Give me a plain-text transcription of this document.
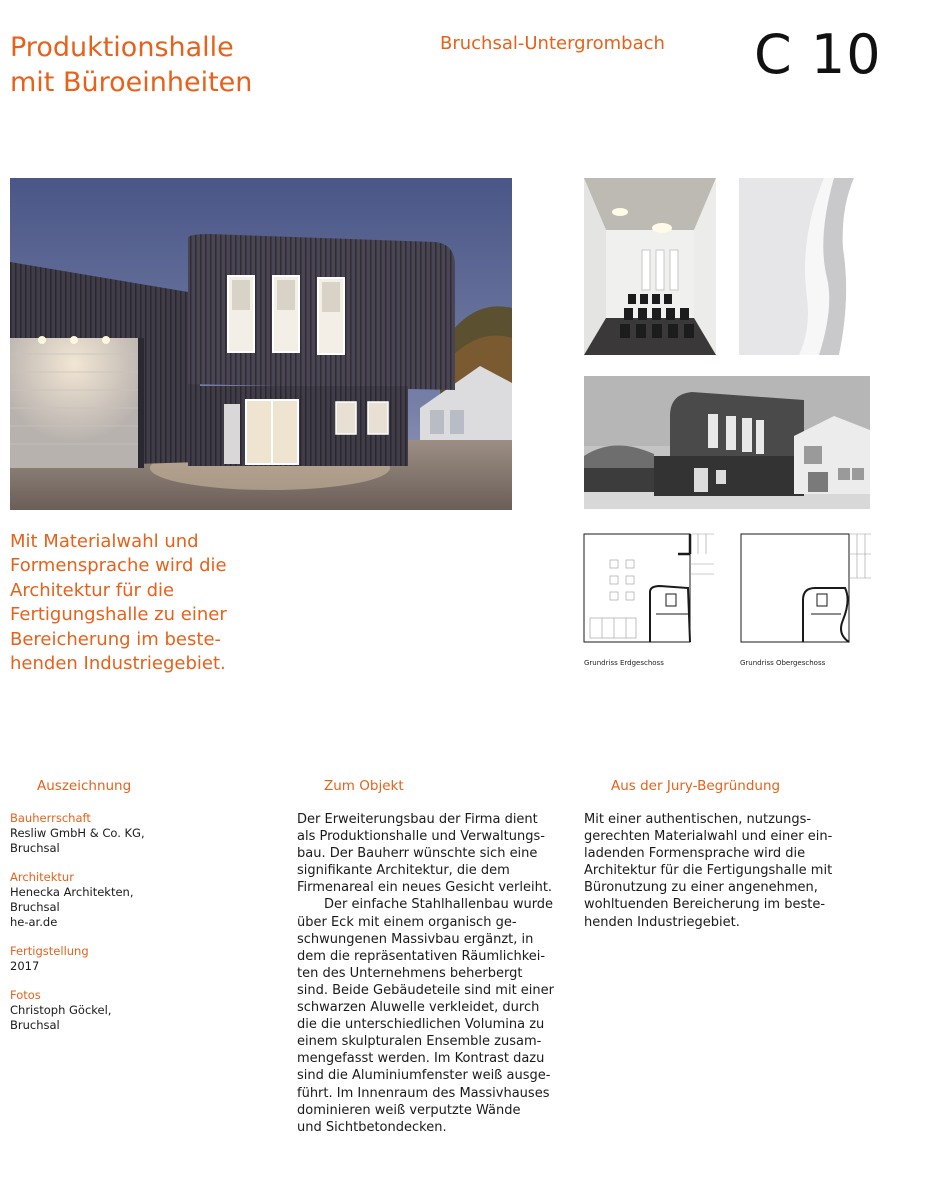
Produktionshalle
mit Büroeinheiten
Bruchsal-Untergrombach C 10
Grundriss Erdgeschoss	Grundriss Obergeschoss

Mit Materialwahl und

Formensprache wird die

Architektur für die

Fertigungshalle zu einer

Bereicherung im beste-

henden Industriegebiet.

Auszeichnung	Zum Objekt	Aus der Jury-Begründung
Bauherrschaft
Resliw GmbH & Co. KG,
Bruchsal
Architektur
Henecka Architekten,
Bruchsal
he-ar.de
Fertigstellung
2017
Fotos
Christoph Göckel,
Bruchsal

Der Erweiterungsbau der Firma dient

als Produktionshalle und Verwaltungs-

bau. Der Bauherr wünschte sich eine

signifikante Architektur, die dem

Firmenareal ein neues Gesicht verleiht.

Der einfache Stahlhallenbau wurde

über Eck mit einem organisch ge-

schwungenen Massivbau ergänzt, in

dem die repräsentativen Räumlichkei-

ten des Unternehmens beherbergt

sind. Beide Gebäudeteile sind mit einer

schwarzen Aluwelle verkleidet, durch

die die unterschiedlichen Volumina zu

einem skulpturalen Ensemble zusam-

mengefasst werden. Im Kontrast dazu

sind die Aluminiumfenster weiß ausge-

führt. Im Innenraum des Massivhauses

dominieren weiß verputzte Wände

und Sichtbetondecken.

Mit einer authentischen, nutzungs-

gerechten Materialwahl und einer ein-

ladenden Formensprache wird die

Architektur für die Fertigungshalle mit

Büronutzung zu einer angenehmen,

wohltuenden Bereicherung im beste-

henden Industriegebiet.
